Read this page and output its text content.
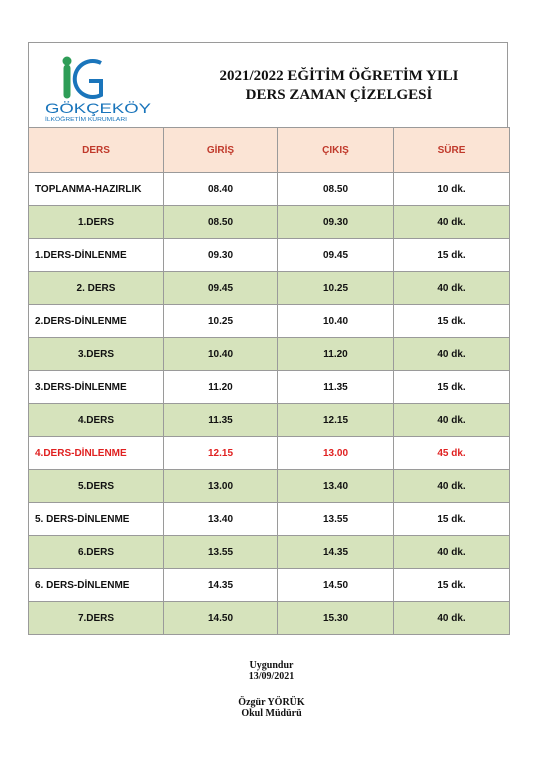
GÖKÇEKÖY
İLKÖĞRETİM KURUMLARI
2021/2022 EĞİTİM ÖĞRETİM YILI
DERS ZAMAN ÇİZELGESİ
DERS	GİRİŞ	ÇIKIŞ	SÜRE
TOPLANMA-HAZIRLIK	08.40	08.50	10 dk.
1.DERS	08.50	09.30	40 dk.
1.DERS-DİNLENME	09.30	09.45	15 dk.
2. DERS	09.45	10.25	40 dk.
2.DERS-DİNLENME	10.25	10.40	15 dk.
3.DERS	10.40	11.20	40 dk.
3.DERS-DİNLENME	11.20	11.35	15 dk.
4.DERS	11.35	12.15	40 dk.
4.DERS-DİNLENME	12.15	13.00	45 dk.
5.DERS	13.00	13.40	40 dk.
5. DERS-DİNLENME	13.40	13.55	15 dk.
6.DERS	13.55	14.35	40 dk.
6. DERS-DİNLENME	14.35	14.50	15 dk.
7.DERS	14.50	15.30	40 dk.
Uygundur
13/09/2021
Özgür YÖRÜK
Okul Müdürü
